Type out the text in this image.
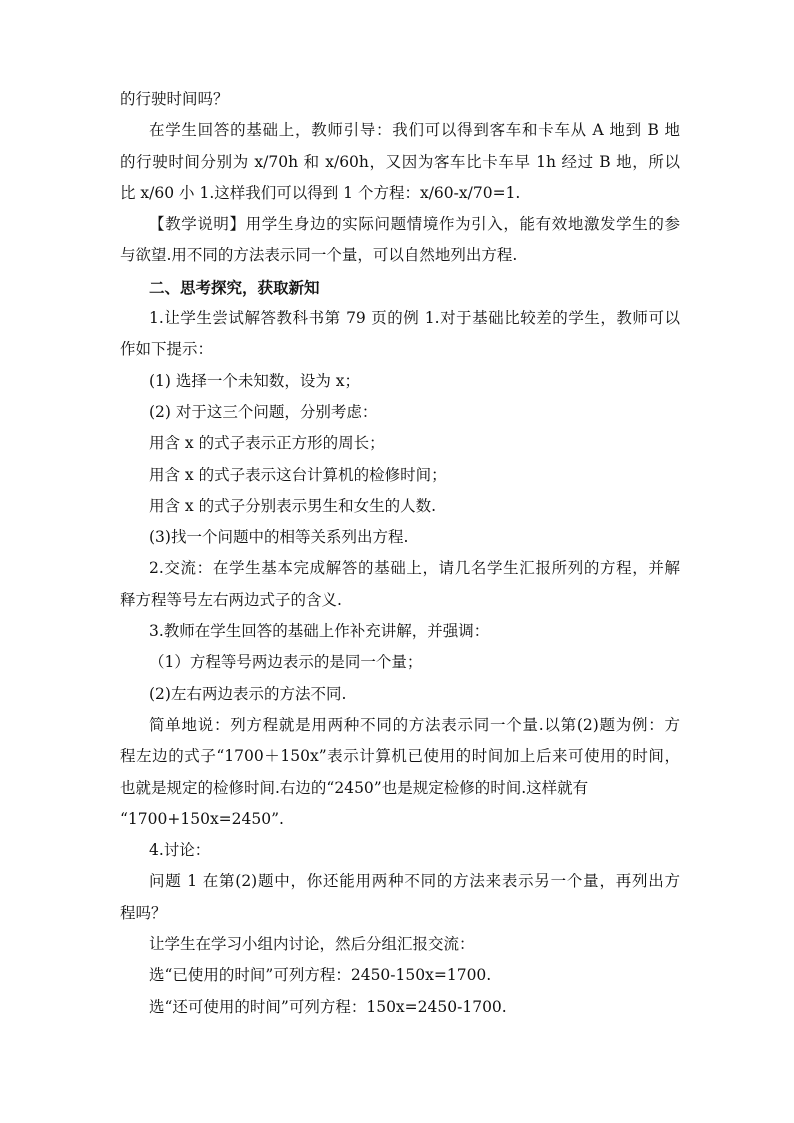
的行驶时间吗？
在学生回答的基础上，教师引导：我们可以得到客车和卡车从 A 地到 B 地
的行驶时间分别为 x/70h 和 x/60h，又因为客车比卡车早 1h 经过 B 地，所以
比 x/60 小 1.这样我们可以得到 1 个方程：x/60-x/70=1.
【教学说明】用学生身边的实际问题情境作为引入，能有效地激发学生的参
与欲望.用不同的方法表示同一个量，可以自然地列出方程.
二、思考探究，获取新知
1.让学生尝试解答教科书第 79 页的例 1.对于基础比较差的学生，教师可以
作如下提示：
(1) 选择一个未知数，设为 x；
(2) 对于这三个问题，分别考虑：
用含 x 的式子表示正方形的周长；
用含 x 的式子表示这台计算机的检修时间；
用含 x 的式子分别表示男生和女生的人数.
(3)找一个问题中的相等关系列出方程.
2.交流：在学生基本完成解答的基础上，请几名学生汇报所列的方程，并解
释方程等号左右两边式子的含义.
3.教师在学生回答的基础上作补充讲解，并强调：
（1）方程等号两边表示的是同一个量；
(2)左右两边表示的方法不同.
简单地说：列方程就是用两种不同的方法表示同一个量.以第(2)题为例：方
程左边的式子“1700＋150x”表示计算机已使用的时间加上后来可使用的时间，
也就是规定的检修时间.右边的“2450”也是规定检修的时间.这样就有
“1700+150x=2450”.
4.讨论：
问题 1 在第(2)题中，你还能用两种不同的方法来表示另一个量，再列出方
程吗？
让学生在学习小组内讨论，然后分组汇报交流：
选“已使用的时间”可列方程：2450-150x=1700.
选“还可使用的时间”可列方程：150x=2450-1700.
